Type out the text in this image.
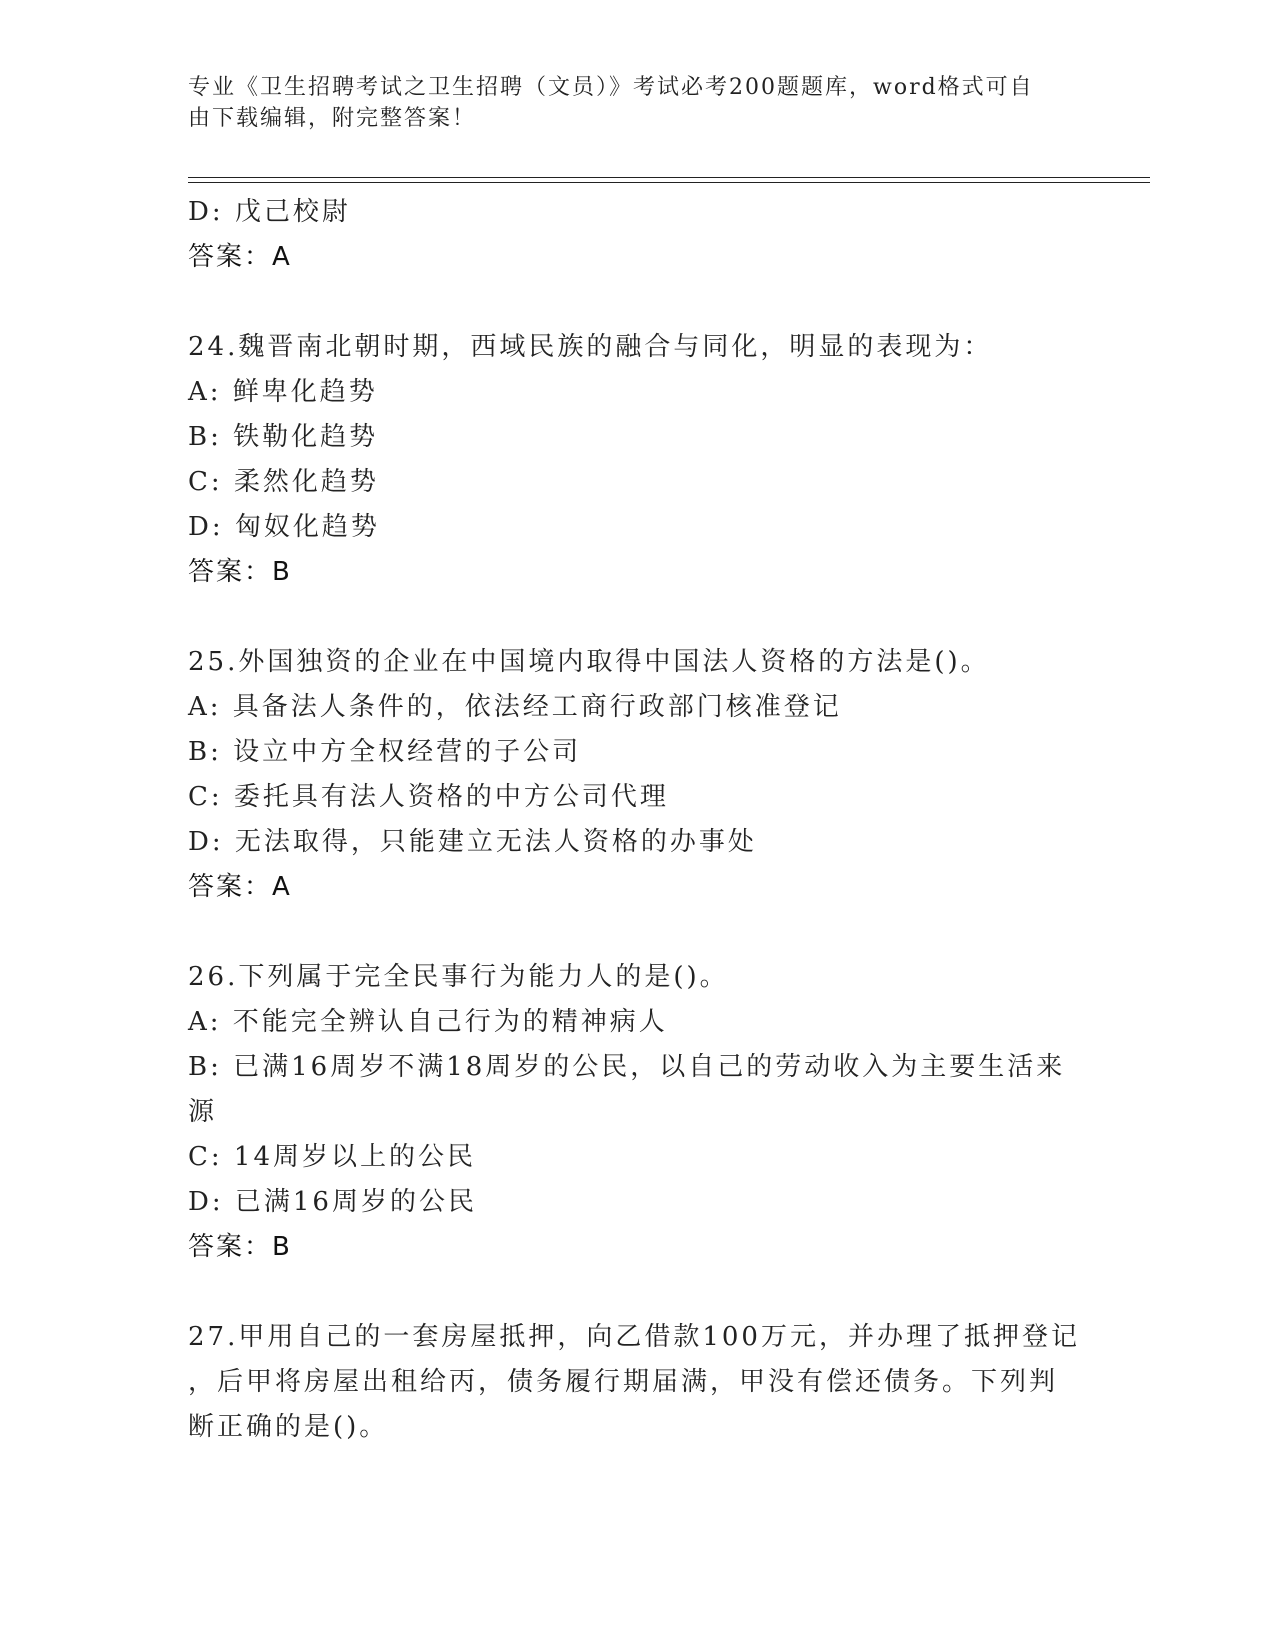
专业《卫生招聘考试之卫生招聘（文员）》考试必考200题题库，word格式可自
由下载编辑，附完整答案！
D: 戊己校尉
答案：A
24.魏晋南北朝时期，西域民族的融合与同化，明显的表现为：
A: 鲜卑化趋势
B: 铁勒化趋势
C: 柔然化趋势
D: 匈奴化趋势
答案：B
25.外国独资的企业在中国境内取得中国法人资格的方法是()。
A: 具备法人条件的，依法经工商行政部门核准登记
B: 设立中方全权经营的子公司
C: 委托具有法人资格的中方公司代理
D: 无法取得，只能建立无法人资格的办事处
答案：A
26.下列属于完全民事行为能力人的是()。
A: 不能完全辨认自己行为的精神病人
B: 已满16周岁不满18周岁的公民，以自己的劳动收入为主要生活来
源
C: 14周岁以上的公民
D: 已满16周岁的公民
答案：B
27.甲用自己的一套房屋抵押，向乙借款100万元，并办理了抵押登记
，后甲将房屋出租给丙，债务履行期届满，甲没有偿还债务。下列判
断正确的是()。
